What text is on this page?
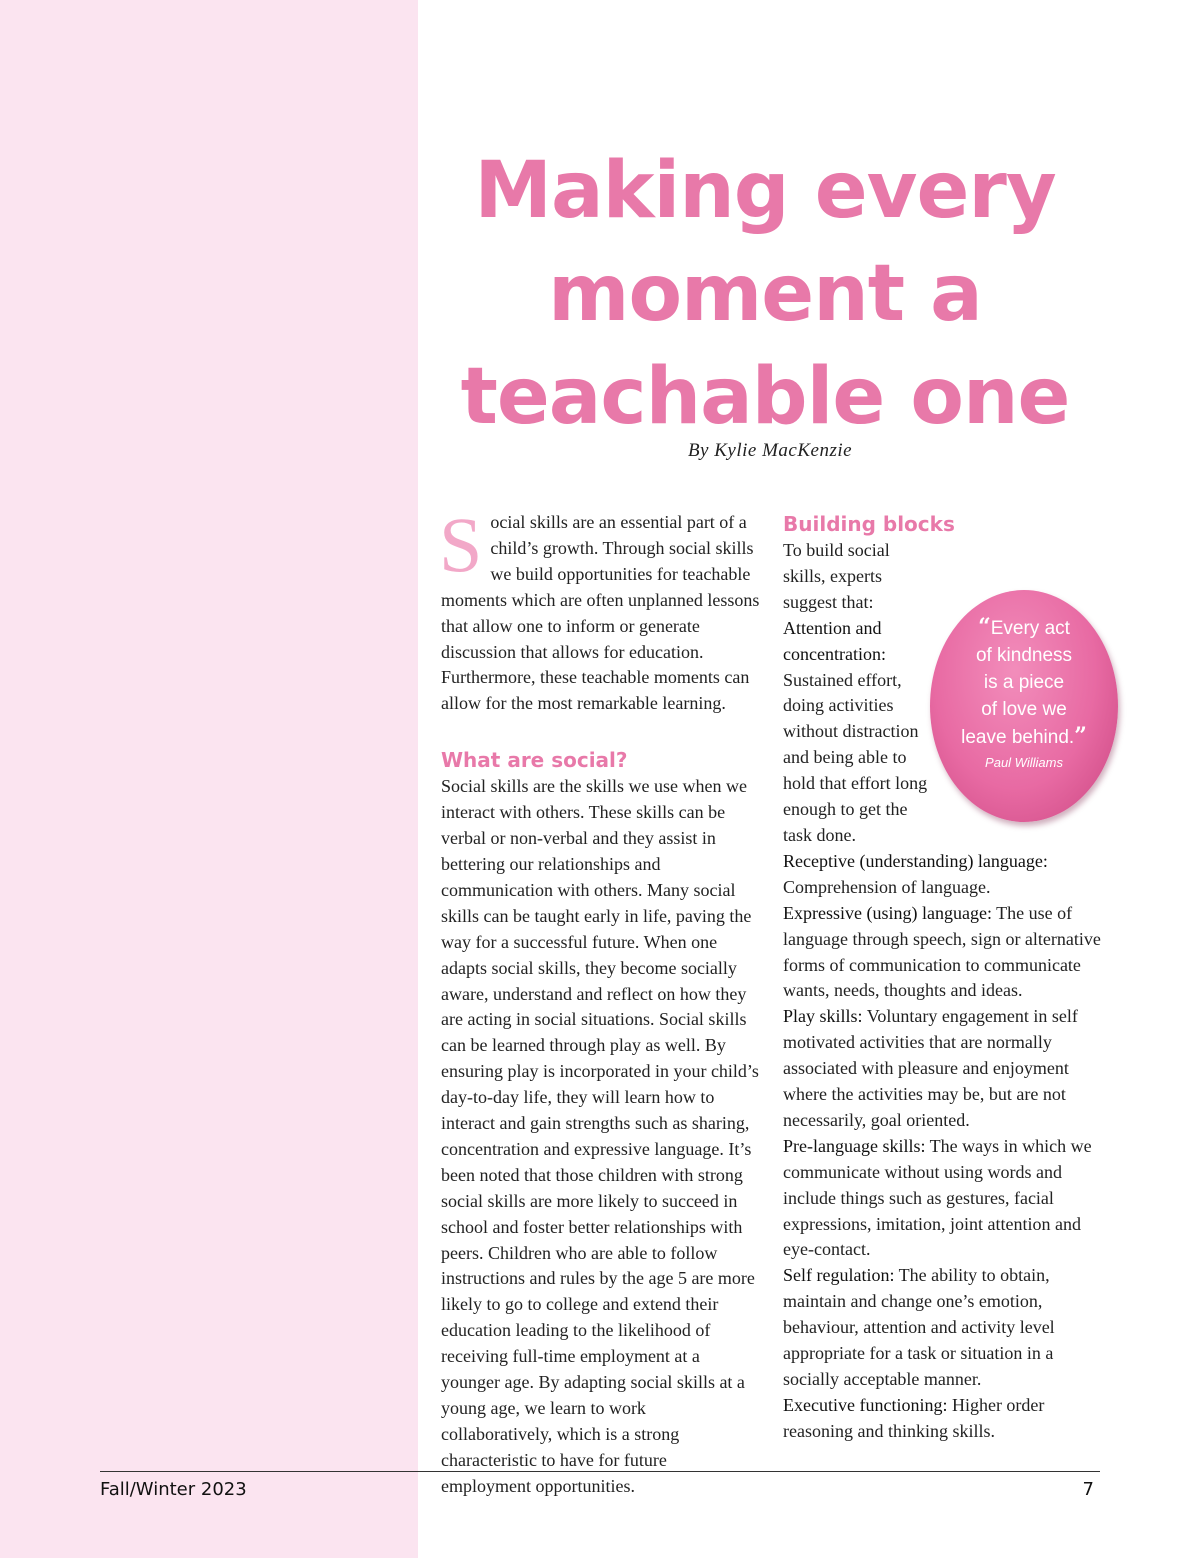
Making every
moment a
teachable one
By Kylie MacKenzie

Social skills are an essential part of a child’s growth. Through social skills we build opportunities for teachable moments which are often unplanned lessons that allow one to inform or generate discussion that allows for education. Furthermore, these teachable moments can allow for the most remarkable learning.

What are social?

Social skills are the skills we use when we interact with others. These skills can be verbal or non-verbal and they assist in bettering our relationships and communication with others. Many social skills can be taught early in life, paving the way for a successful future. When one adapts social skills, they become socially aware, understand and reflect on how they are acting in social situations. Social skills can be learned through play as well. By ensuring play is incorporated in your child’s day-to-day life, they will learn how to interact and gain strengths such as sharing, concentration and expressive language. It’s been noted that those children with strong social skills are more likely to succeed in school and foster better relationships with peers. Children who are able to follow instructions and rules by the age 5 are more likely to go to college and extend their education leading to the likelihood of receiving full-time employment at a younger age. By adapting social skills at a young age, we learn to work collaboratively, which is a strong characteristic to have for future employment opportunities.

Building blocks

To build social skills, experts suggest that:

Attention and concentration: Sustained effort, doing activities without distraction and being able to hold that effort long enough to get the task done.

Receptive (understanding) language: Comprehension of language.

Expressive (using) language: The use of language through speech, sign or alternative forms of communication to communicate wants, needs, thoughts and ideas.

Play skills: Voluntary engagement in self motivated activities that are normally associated with pleasure and enjoyment where the activities may be, but are not necessarily, goal oriented.

Pre-language skills: The ways in which we communicate without using words and include things such as gestures, facial expressions, imitation, joint attention and eye-contact.

Self regulation: The ability to obtain, maintain and change one’s emotion, behaviour, attention and activity level appropriate for a task or situation in a socially acceptable manner.

Executive functioning: Higher order reasoning and thinking skills.

“Every act
of kindness
is a piece
of love we
leave behind.”
Paul Williams
Fall/Winter 2023	7
